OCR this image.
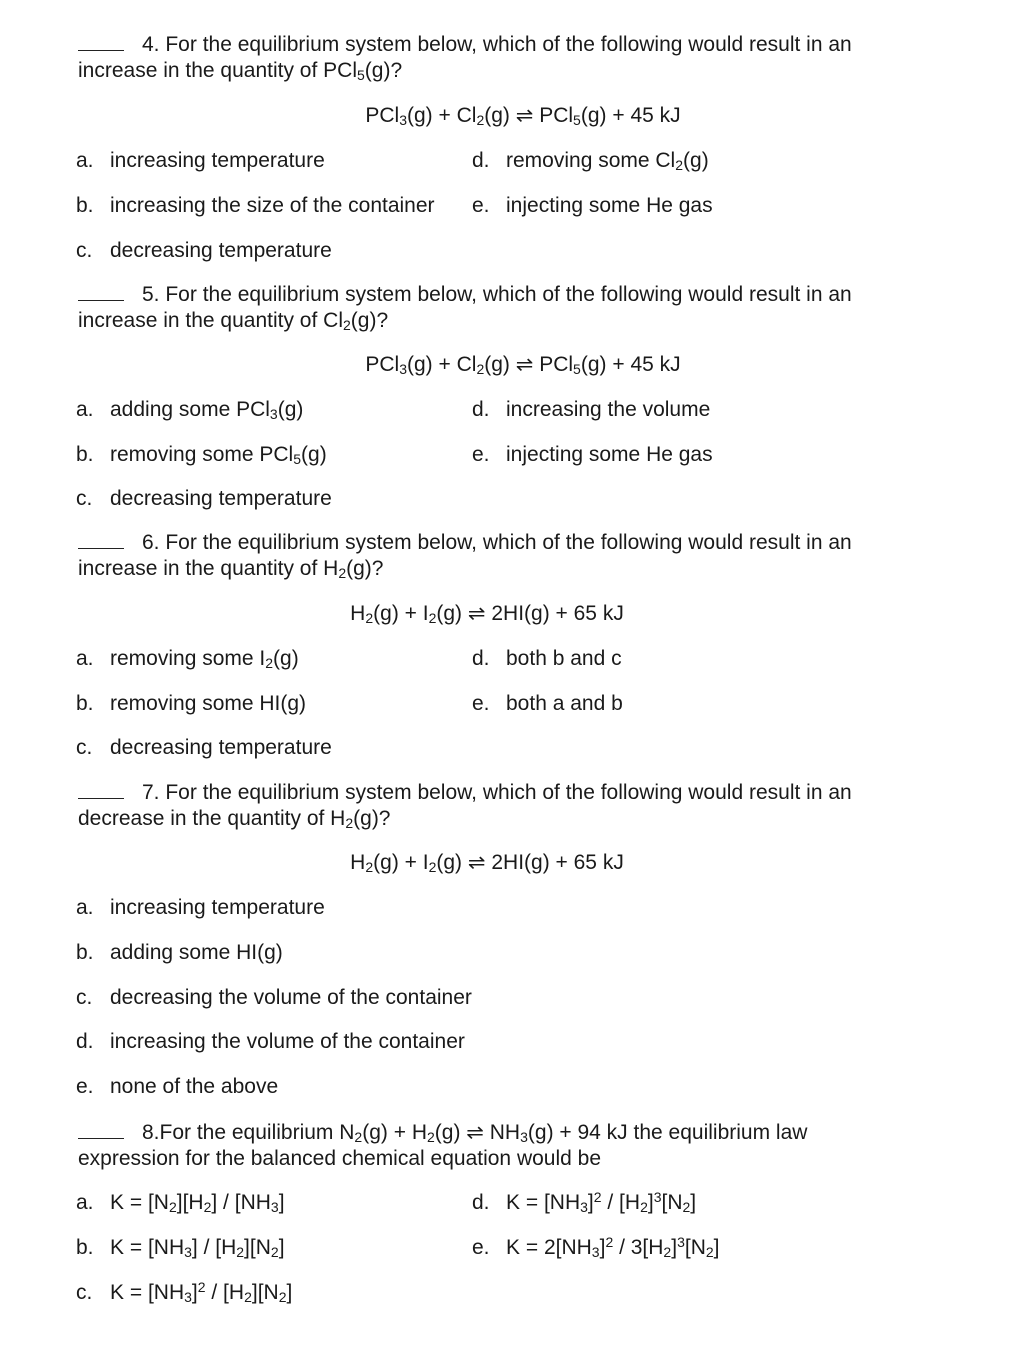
4. For the equilibrium system below, which of the following would result in an
increase in the quantity of PCl$_5$(g)?
$PCl_3(g) + Cl_2(g)$ ⇌ PCl$_5$(g) + 45 kJ
a. increasing temperature	d. removing some $Cl_2(g)$
b. increasing the size of the container e. injecting some He gas
c. decreasing temperature
5. For the equilibrium system below, which of the following would result in an
increase in the quantity of $Cl_2(g)$?
$PCl_3(g) + Cl_2(g)$ ⇌ PCl$_5$(g) + 45 kJ
a. adding some PCl$_3$(g)	d. increasing the volume
b. removing some PCl$_5$(g)	e. injecting some He gas
c. decreasing temperature
6. For the equilibrium system below, which of the following would result in an
increase in the quantity of $H_2(g)$?
$H_2(g) + I_2(g)$ ⇌ 2HI(g) + 65 kJ
a. removing some $I_2(g)$	d. both b and c
b. removing some HI(g)	e. both a and b
c. decreasing temperature
7. For the equilibrium system below, which of the following would result in an
decrease in the quantity of $H_2(g)$?
$H_2(g) + I_2(g)$ ⇌ 2HI(g) + 65 kJ
a. increasing temperature
b. adding some HI(g)
c. decreasing the volume of the container
d. increasing the volume of the container
e. none of the above
8.For the equilibrium $N_2(g) + H_2(g)$ ⇌ $NH_3(g) + 94$ kJ the equilibrium law
expression for the balanced chemical equation would be
a. $K = [N_2][H_2] / [NH_3]$	d. $K = [NH_3]^2 / [H_2]^3[N_2]$
b. $K = [NH_3] / [H_2][N_2]$	e. $K = 2[NH_3]^2 / 3[H_2]^3[N_2]$
c. $K = [NH_3]^2 / [H_2][N_2]$
